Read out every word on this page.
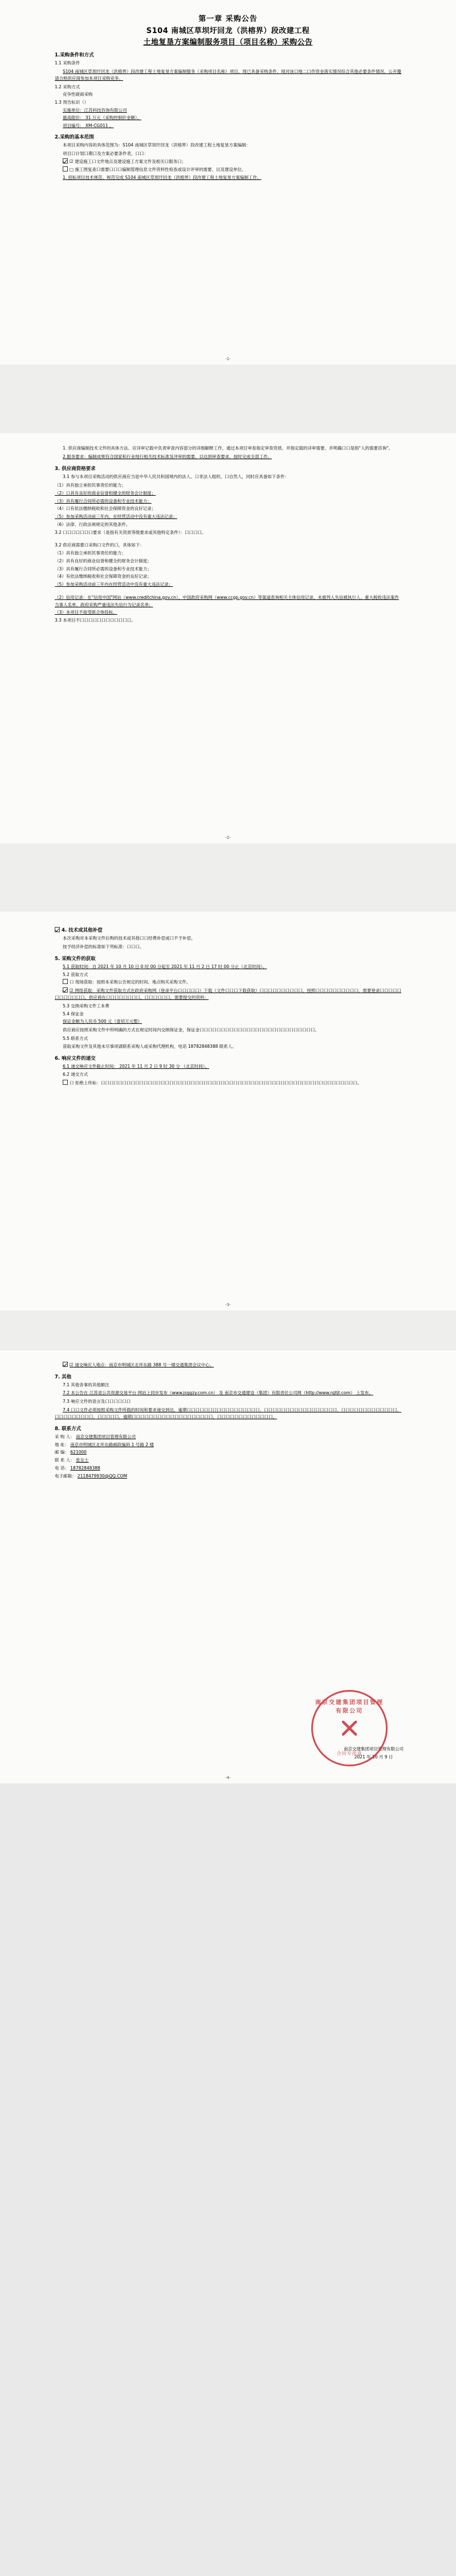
第一章 采购公告
S104 南城区草坝圩回龙（洪榕界）段改建工程
土地复垦方案编制服务项目（项目名称）采购公告
1.采购条件和方式
1.1 采购条件
S104 南城区草坝圩回龙（洪榕界）段改建工程土地复垦方案编制服务（采购项目名称）项目，现已具备采购条件，现对该口地二口作资金落实情况综合其他必要条件情况，公开邀请合格供应商参加本项目采购竞争。
1.2 采购方式
竞争性磋商采购
1.3 预告标识（）
实施单位：江苏科技咨询有限公司
最高限价： 31 万元（采购控制价金额）。
项目编号： XM-CG011 。
2.采购的基本范围
本项目采购内容的具体范围为：S104 南城区草坝圩回龙（洪榕界）段改建工程土地复垦方案编制：
项目口计划口期口及方案必要条件表，口口：
☑ 建设施工口文件地点及建设施工方案文件及相关口服务口；
□ 施工图复查口需要口口口编制管理信息文件资料性检查或设计评审的需要、以及建设单位。
1. 招标项目技术规范、规范完成 S104 南城区草坝圩回龙（洪榕界）段改建工程土地复垦方案编制工作。
-1-
1. 供应商编制技术文件的具体方法、应详审记载中负责审查内容部分的详细解释工作，通过本项目审查指定审查资质、并指定载的详审需要、并明确口口是指"人的需要咨询"。
2.服务要求：编制成果符合国家和行业现行相关技术标准及评审的需要，以达到审查要求，按时完成全部工作。
3. 供应商资格要求
3.1 参与本项目采购活动的供应商应当是中华人民共和国境内的法人、口非法人组织、口自然人，同时应具备如下条件：
（1）具有独立承担民事责任的能力；
（2）口具有良好的商业信誉和健全的财务会计制度；
（3）具有履行合同所必需的设备和专业技术能力；
（4）口有依法缴纳税收和社会保障资金的良好记录；
（5）参加采购活动前三年内，在经营活动中没有重大违法记录；
（6）法律、行政法规规定的其他条件。
3.2 口口口口口口口要求（是指有关资质等级要求或其他特定条件）：口口口口。
3.2 供应商需要口采购口文件的口，具体如下：
（1）具有独立承担民事责任的能力；
（2）具有良好的商业信誉和健全的财务会计制度；
（3）具有履行合同所必需的设备和专业技术能力；
（4）有依法缴纳税收和社会保障资金的良好记录；
（5）参加采购活动前三年内在经营活动中没有重大违法记录；
（2）信用记录：在"信用中国"网站（www.creditchina.gov.cn）、中国政府采购网（www.ccgp.gov.cn）等渠道查询相关主体信用记录，未被列入失信被执行人、重大税收违法案件当事人名单、政府采购严重违法失信行为记录名单；
（3）本项目不接受联合体投标。
3.3 本项目不口口口口口口口口口口口口。
-2-
4. 技术或其他补偿
本次采购对本采购文件后购的技术或其他口口经费补偿或口不予补偿。
按予经济补偿的标准如下列标准：口口口。
5. 采购文件的获取
5.1 获取时间：自 2021 年 10 月 10 日 0 时 00 分起至 2021 年 11 月 2 日 17 时 00 分止（北京时间）。
5.2 获取方式
口 现场获取：按照本采购公告规定的时间、地点购买采购文件。
☑ 网络获取：采购文件获取方式在政府采购网（登录平台口口口口口）下载（文件口口口下载获取）口口口口口口口口口口，按照口口口口口口口口口口，需要登录口口口口口口口口口口口口。供应商在口口口口口口口口，口口口口口口，需要提交的资料：
5.3 交纳采购文件工本费
5.4 保证金
保证金额为人民币 500 元（壹佰万元整）
供应商应按照采购文件中所明确的方式在规定时间内交纳保证金，保证金口口口口口口口口口口口口口口口口口口口口口口口口口口口。
5.5 联系方式
获取采购文件及其他未尽事项请联系采购人或采购代理机构，电话 18782848388 联系人。
6. 响应文件的递交
6.1 递交响应文件截止时间： 2021 年 11 月 2 日 9 时 30 分 （北京时间）。
6.2 递交方式
口 拒绝上传标：口口口口口口口口口口口口口口口口口口口口口口口口口口口口口口口口口口口口口口口口口口口口口口口口口口口口口口口口口口口口。
-3-
☑ 递交响应人地点：南京市明城区北环东路 388 号一楼交通集团会议中心。
7. 其他
7.1 其他各事的其他额注
7.2 本公告在 江苏省公共资源交易平台 网站上同步发布（www.jsggzy.com.cn） 及 南京市交通建设（集团）有限责任公司网（http://www.njjtjt.com） 上发布。
7.3 响应文件的语言及口口口口口口
7.4 口口文件必须按照采购文件所载的时间和要求递交到达，逾期口口口口口口口口口口口口口口口口口，口口口口口口口口口口口口口口口口口，口口口口口口口口口口口口口，口口口口口口口口口，口口口口口，逾期口口口口口口口口口口口口口口口口口口口，口口口口口口口口口口口口口。
8. 联系方式
采 购 人： 南京交建集团项目管理有限公司
地 址： 南京市明城区北环东路邮政编码 1 号路 2 楼
邮 编： 621000
联 系 人： 张女士
电 话： 18782848388
电子邮箱： 2118479930@QQ.COM
南京交建集团项目管理有限公司
2021 年 10 月 9 日
南京交建集团项目管理有限公司
合同专用章
-4-
